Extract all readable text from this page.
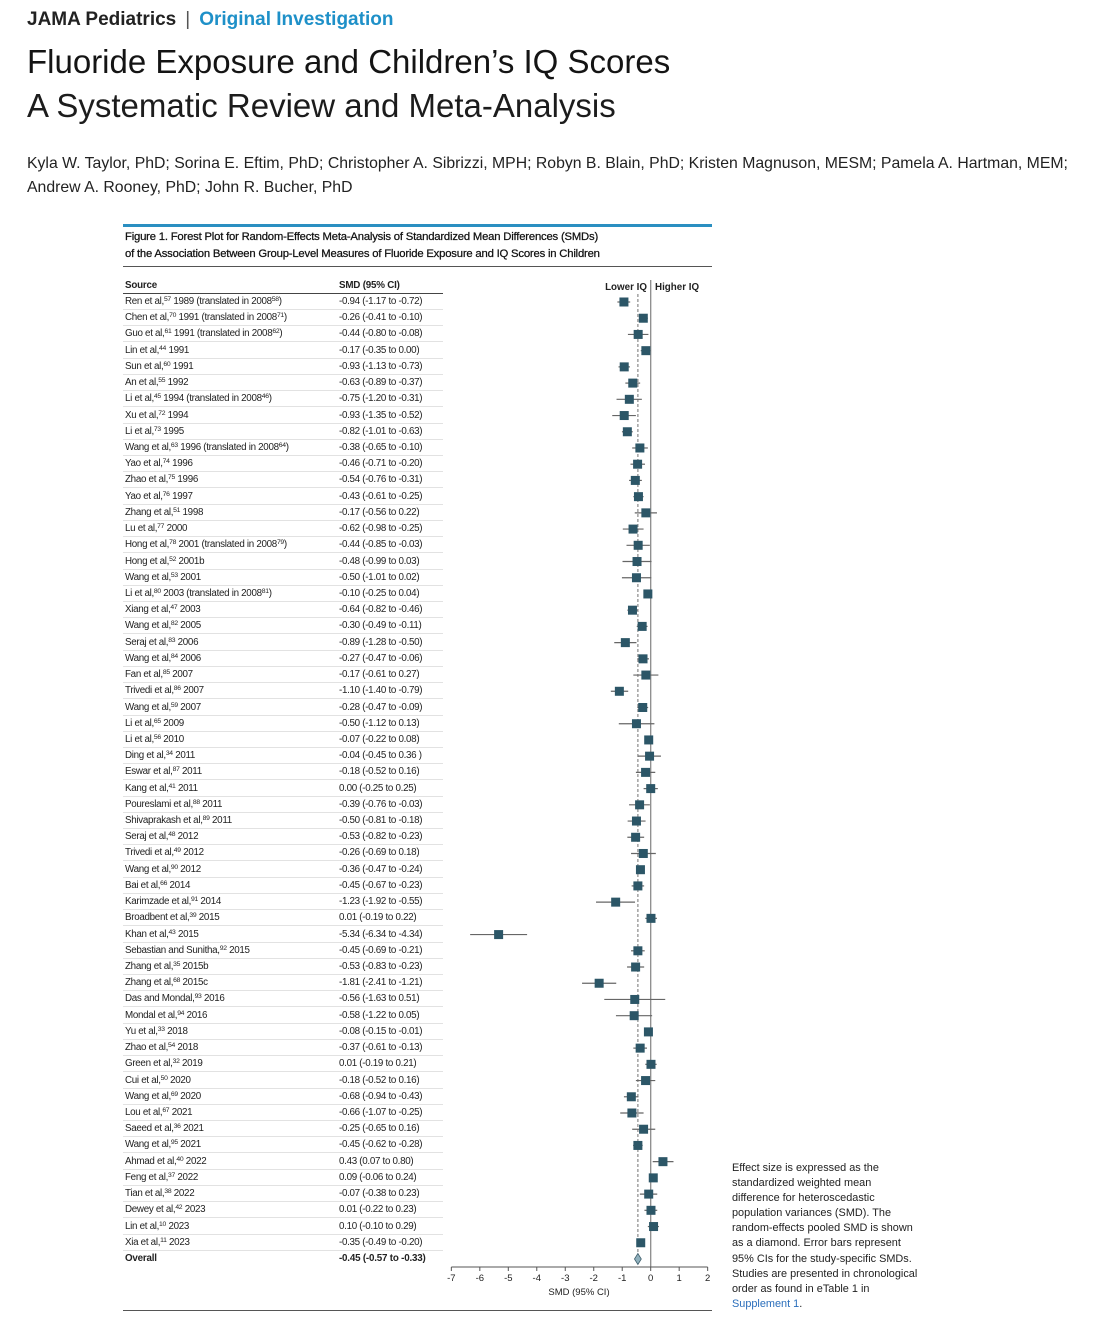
JAMA Pediatrics | Original Investigation
Fluoride Exposure and Children’s IQ Scores
A Systematic Review and Meta-Analysis
Kyla W. Taylor, PhD; Sorina E. Eftim, PhD; Christopher A. Sibrizzi, MPH; Robyn B. Blain, PhD; Kristen Magnuson, MESM; Pamela A. Hartman, MEM; Andrew A. Rooney, PhD; John R. Bucher, PhD
Figure 1. Forest Plot for Random-Effects Meta-Analysis of Standardized Mean Differences (SMDs)
of the Association Between Group-Level Measures of Fluoride Exposure and IQ Scores in Children
Source	SMD (95% CI)
Ren et al,$^{57}$ 1989 (translated in 2008$^{58}$)	-0.94 (-1.17 to -0.72)
Chen et al,$^{70}$ 1991 (translated in 2008$^{71}$)	-0.26 (-0.41 to -0.10)
Guo et al,$^{61}$ 1991 (translated in 2008$^{62}$)	-0.44 (-0.80 to -0.08)
Lin et al,$^{44}$ 1991	-0.17 (-0.35 to 0.00)
Sun et al,$^{60}$ 1991	-0.93 (-1.13 to -0.73)
An et al,$^{55}$ 1992	-0.63 (-0.89 to -0.37)
Li et al,$^{45}$ 1994 (translated in 2008$^{46}$)	-0.75 (-1.20 to -0.31)
Xu et al,$^{72}$ 1994	-0.93 (-1.35 to -0.52)
Li et al,$^{73}$ 1995	-0.82 (-1.01 to -0.63)
Wang et al,$^{63}$ 1996 (translated in 2008$^{64}$)	-0.38 (-0.65 to -0.10)
Yao et al,$^{74}$ 1996	-0.46 (-0.71 to -0.20)
Zhao et al,$^{75}$ 1996	-0.54 (-0.76 to -0.31)
Yao et al,$^{76}$ 1997	-0.43 (-0.61 to -0.25)
Zhang et al,$^{51}$ 1998	-0.17 (-0.56 to 0.22)
Lu et al,$^{77}$ 2000	-0.62 (-0.98 to -0.25)
Hong et al,$^{78}$ 2001 (translated in 2008$^{79}$)	-0.44 (-0.85 to -0.03)
Hong et al,$^{52}$ 2001b	-0.48 (-0.99 to 0.03)
Wang et al,$^{53}$ 2001	-0.50 (-1.01 to 0.02)
Li et al,$^{80}$ 2003 (translated in 2008$^{81}$)	-0.10 (-0.25 to 0.04)
Xiang et al,$^{47}$ 2003	-0.64 (-0.82 to -0.46)
Wang et al,$^{82}$ 2005	-0.30 (-0.49 to -0.11)
Seraj et al,$^{83}$ 2006	-0.89 (-1.28 to -0.50)
Wang et al,$^{84}$ 2006	-0.27 (-0.47 to -0.06)
Fan et al,$^{85}$ 2007	-0.17 (-0.61 to 0.27)
Trivedi et al,$^{86}$ 2007	-1.10 (-1.40 to -0.79)
Wang et al,$^{59}$ 2007	-0.28 (-0.47 to -0.09)
Li et al,$^{65}$ 2009	-0.50 (-1.12 to 0.13)
Li et al,$^{56}$ 2010	-0.07 (-0.22 to 0.08)
Ding et al,$^{34}$ 2011	-0.04 (-0.45 to 0.36 )
Eswar et al,$^{87}$ 2011	-0.18 (-0.52 to 0.16)
Kang et al,$^{41}$ 2011	0.00 (-0.25 to 0.25)
Poureslami et al,$^{88}$ 2011	-0.39 (-0.76 to -0.03)
Shivaprakash et al,$^{89}$ 2011	-0.50 (-0.81 to -0.18)
Seraj et al,$^{48}$ 2012	-0.53 (-0.82 to -0.23)
Trivedi et al,$^{49}$ 2012	-0.26 (-0.69 to 0.18)
Wang et al,$^{90}$ 2012	-0.36 (-0.47 to -0.24)
Bai et al,$^{66}$ 2014	-0.45 (-0.67 to -0.23)
Karimzade et al,$^{91}$ 2014	-1.23 (-1.92 to -0.55)
Broadbent et al,$^{39}$ 2015	0.01 (-0.19 to 0.22)
Khan et al,$^{43}$ 2015	-5.34 (-6.34 to -4.34)
Sebastian and Sunitha,$^{92}$ 2015	-0.45 (-0.69 to -0.21)
Zhang et al,$^{35}$ 2015b	-0.53 (-0.83 to -0.23)
Zhang et al,$^{68}$ 2015c	-1.81 (-2.41 to -1.21)
Das and Mondal,$^{93}$ 2016	-0.56 (-1.63 to 0.51)
Mondal et al,$^{94}$ 2016	-0.58 (-1.22 to 0.05)
Yu et al,$^{33}$ 2018	-0.08 (-0.15 to -0.01)
Zhao et al,$^{54}$ 2018	-0.37 (-0.61 to -0.13)
Green et al,$^{32}$ 2019	0.01 (-0.19 to 0.21)
Cui et al,$^{50}$ 2020	-0.18 (-0.52 to 0.16)
Wang et al,$^{69}$ 2020	-0.68 (-0.94 to -0.43)
Lou et al,$^{67}$ 2021	-0.66 (-1.07 to -0.25)
Saeed et al,$^{36}$ 2021	-0.25 (-0.65 to 0.16)
Wang et al,$^{95}$ 2021	-0.45 (-0.62 to -0.28)
Ahmad et al,$^{40}$ 2022	0.43 (0.07 to 0.80)
Feng et al,$^{37}$ 2022	0.09 (-0.06 to 0.24)
Tian et al,$^{38}$ 2022	-0.07 (-0.38 to 0.23)
Dewey et al,$^{42}$ 2023	0.01 (-0.22 to 0.23)
Lin et al,$^{10}$ 2023	0.10 (-0.10 to 0.29)
Xia et al,$^{11}$ 2023	-0.35 (-0.49 to -0.20)
Overall	-0.45 (-0.57 to -0.33)
Lower IQ Higher IQ
-7 -6 -5 -4 -3 -2 -1 0 1 2
SMD (95% CI)
Effect size is expressed as the standardized weighted mean difference for heteroscedastic population variances (SMD). The random-effects pooled SMD is shown as a diamond. Error bars represent 95% CIs for the study-specific SMDs. Studies are presented in chronological order as found in eTable 1 in Supplement 1.
